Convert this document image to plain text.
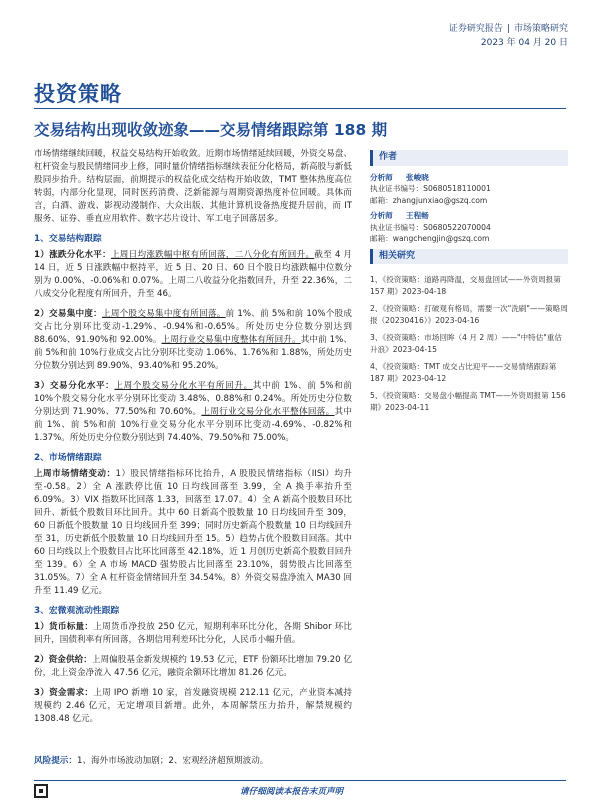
证券研究报告 | 市场策略研究
2023 年 04 月 20 日
投资策略
交易结构出现收敛迹象——交易情绪跟踪第 188 期

市场情绪继续回暖，权益交易结构开始收敛。近期市场情绪延续回暖，外资交易盘、杠杆资金与股民情绪同步上修，同时量价情绪指标继续表征分化格局，新高股与新低股同步抬升。结构层面，前期提示的权益化成交结构开始收敛，TMT 整体热度高位转弱，内部分化显现，同时医药消费、泛新能源与周期资源热度补位回暖。具体而言，白酒、游戏、影视动漫制作、大众出版、其他计算机设备热度提升居前，而 IT 服务、证券、垂直应用软件、数字芯片设计、军工电子回落居多。

1、交易结构跟踪

1）涨跌分化水平：上周日均涨跌幅中枢有所回落，二八分化有所回升。截至 4 月 14 日，近 5 日涨跌幅中枢持平，近 5 日、20 日、60 日个股日均涨跌幅中位数分别为 0.00%、-0.06%和 0.07%。上周二八收益分化指数回升，升至 22.36%，二八成交分化程度有所回升，升至 46。

2）交易集中度：上周个股交易集中度有所回落。前 1%、前 5%和前 10%个股成交占比分别环比变动-1.29%、-0.94%和-0.65%。所处历史分位数分别达到 88.60%、91.90%和 92.00%。上周行业交易集中度整体有所回升。其中前 1%、前 5%和前 10%行业成交占比分别环比变动 1.06%、1.76%和 1.88%，所处历史分位数分别达到 89.90%、93.40%和 95.20%。

3）交易分化水平：上周个股交易分化水平有所回升。其中前 1%、前 5%和前 10%个股交易分化水平分别环比变动 3.48%、0.88%和 0.24%。所处历史分位数分别达到 71.90%、77.50%和 70.60%。上周行业交易分化水平整体回落。其中前 1%、前 5%和前 10%行业交易分化水平分别环比变动-4.69%、-0.82%和 1.37%。所处历史分位数分别达到 74.40%、79.50%和 75.00%。

2、市场情绪跟踪

上周市场情绪变动：1）股民情绪指标环比抬升，A 股股民情绪指标（IISI）均升至-0.58。2）全 A 涨跌停比值 10 日均线回落至 3.99，全 A 换手率抬升至 6.09%。3）VIX 指数环比回落 1.33，回落至 17.07。4）全 A 新高个股数目环比回升、新低个股数目环比回升。其中 60 日新高个股数量 10 日均线回升至 309，60 日新低个股数量 10 日均线回升至 399；同时历史新高个股数量 10 日均线回升至 31，历史新低个股数量 10 日均线回升至 15。5）趋势占优个股数目回落。其中 60 日均线以上个股数目占比环比回落至 42.18%，近 1 月创历史新高个股数目回升至 139。6）全 A 市场 MACD 强势股占比回落至 23.10%，弱势股占比回落至 31.05%。7）全 A 杠杆资金情绪回升至 34.54%。8）外资交易盘净流入 MA30 回升至 11.49 亿元。

3、宏微观流动性跟踪

1）货币标量：上周货币净投放 250 亿元，短期利率环比分化，各期 Shibor 环比回升，国债利率有所回落，各期信用利差环比分化，人民币小幅升值。

2）资金供给：上周偏股基金新发规模约 19.53 亿元，ETF 份额环比增加 79.20 亿份，北上资金净流入 47.56 亿元，融资余额环比增加 81.26 亿元。

3）资金需求：上周 IPO 新增 10 家，首发融资规模 212.11 亿元，产业资本减持规模约 2.46 亿元，无定增项目新增。此外，本周解禁压力抬升，解禁规模约 1308.48 亿元。

作者
分析师 张峻晓
执业证书编号：S0680518110001
邮箱：zhangjunxiao@gszq.com
分析师 王程畅
执业证书编号：S0680522070004
邮箱：wangchengjin@gszq.com
相关研究
1、《投资策略：道路再降温，交易盘回试——外资周报第 157 期》2023-04-18
2、《投资策略：打破观有格局，需要一次"洗刷"——策略周报（20230416）》2023-04-16
3、《投资策略：市场回眸（4 月 2 周）——"中特估"重估升浪》2023-04-15
4、《投资策略：TMT 成交占比迎平——交易情绪跟踪第 187 期》2023-04-12
5、《投资策略：交易盘小幅提高 TMT——外资周报第 156 期》2023-04-11
风险提示：1、海外市场波动加剧；2、宏观经济超预期波动。
请仔细阅读本报告末页声明
